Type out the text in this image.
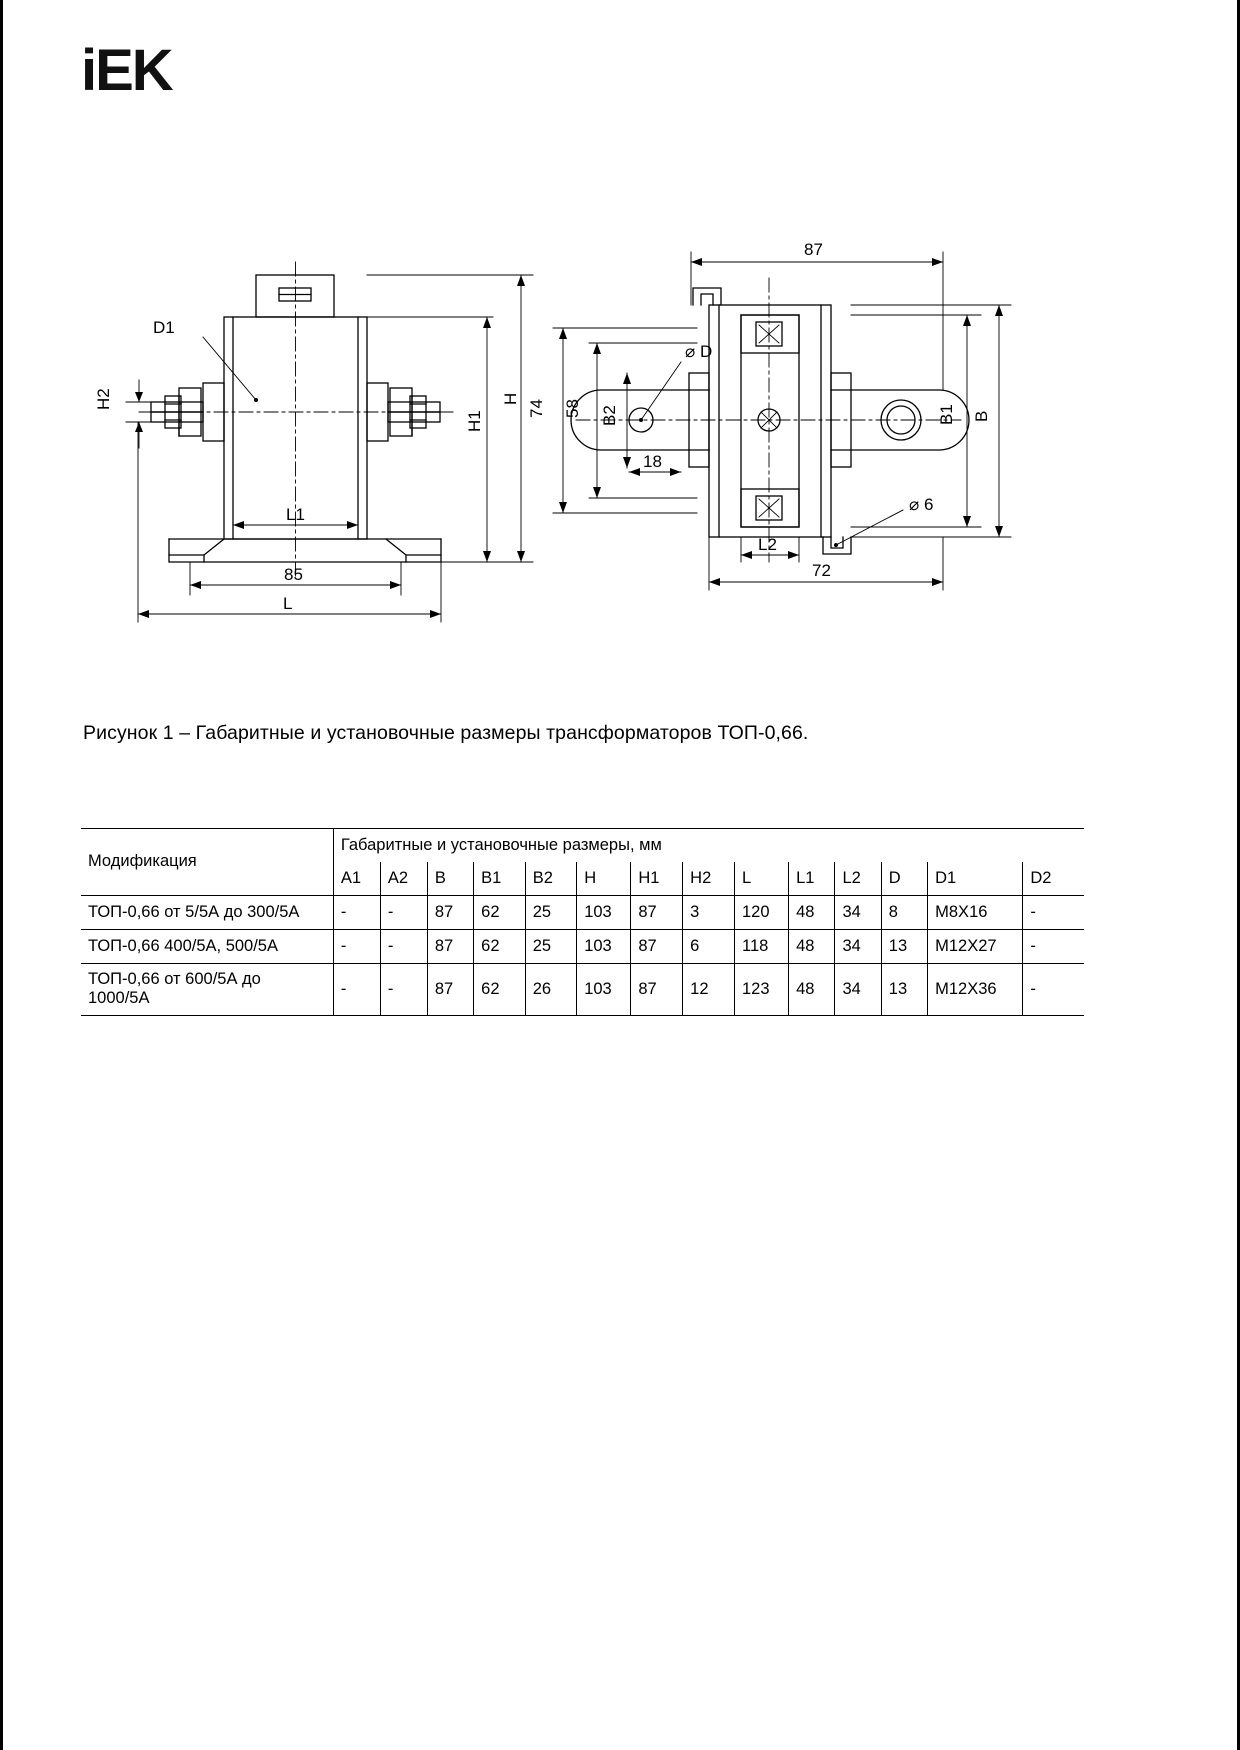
iEK
D1
L1
85
L
H
H1
H2
87
74 58 B2
18
B1 B
L2
72
⌀ D
⌀ 6
Рисунок 1 – Габаритные и установочные размеры трансформаторов ТОП-0,66.
Модификация	Габаритные и установочные размеры, мм													
	A1	A2	B	B1	B2	H	H1	H2	L	L1	L2	D	D1	D2
ТОП-0,66 от 5/5А до 300/5А	-	-	87	62	25	103	87	3	120	48	34	8	М8Х16	-
ТОП-0,66 400/5А, 500/5А	-	-	87	62	25	103	87	6	118	48	34	13	М12Х27	-
ТОП-0,66 от 600/5А до 1000/5А	-	-	87	62	26	103	87	12	123	48	34	13	М12Х36	-
